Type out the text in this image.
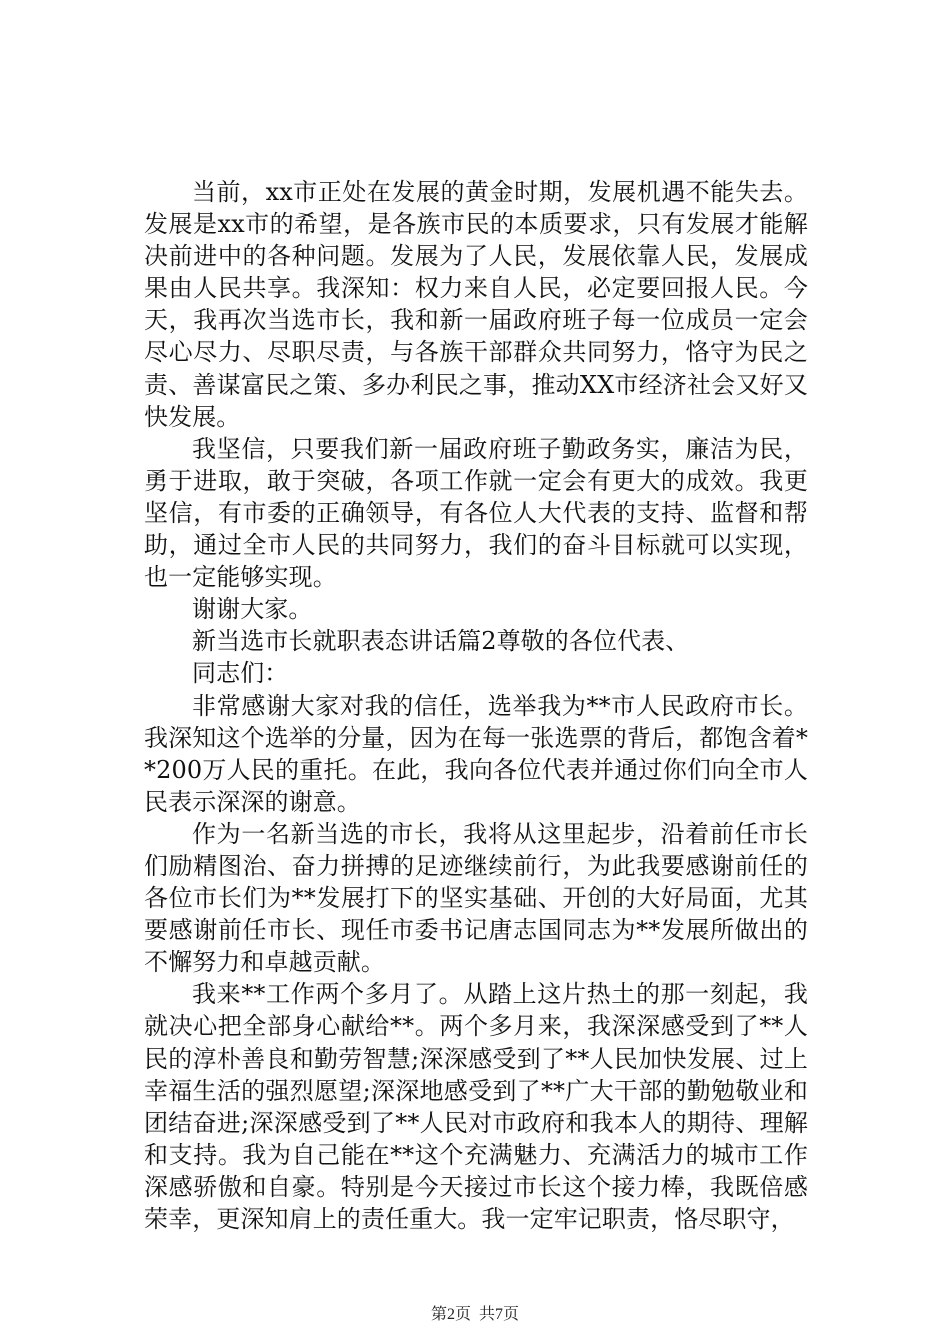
当前，xx市正处在发展的黄金时期，发展机遇不能失去。发展是xx市的希望，是各族市民的本质要求，只有发展才能解决前进中的各种问题。发展为了人民，发展依靠人民，发展成果由人民共享。我深知：权力来自人民，必定要回报人民。今天，我再次当选市长，我和新一届政府班子每一位成员一定会尽心尽力、尽职尽责，与各族干部群众共同努力，恪守为民之责、善谋富民之策、多办利民之事，推动XX市经济社会又好又快发展。

我坚信，只要我们新一届政府班子勤政务实，廉洁为民，勇于进取，敢于突破，各项工作就一定会有更大的成效。我更坚信，有市委的正确领导，有各位人大代表的支持、监督和帮助，通过全市人民的共同努力，我们的奋斗目标就可以实现，也一定能够实现。

谢谢大家。

新当选市长就职表态讲话篇2尊敬的各位代表、

同志们：

非常感谢大家对我的信任，选举我为**市人民政府市长。我深知这个选举的分量，因为在每一张选票的背后，都饱含着**200万人民的重托。在此，我向各位代表并通过你们向全市人民表示深深的谢意。

作为一名新当选的市长，我将从这里起步，沿着前任市长们励精图治、奋力拼搏的足迹继续前行，为此我要感谢前任的各位市长们为**发展打下的坚实基础、开创的大好局面，尤其要感谢前任市长、现任市委书记唐志国同志为**发展所做出的不懈努力和卓越贡献。

我来**工作两个多月了。从踏上这片热土的那一刻起，我就决心把全部身心献给**。两个多月来，我深深感受到了**人民的淳朴善良和勤劳智慧;深深感受到了**人民加快发展、过上幸福生活的强烈愿望;深深地感受到了**广大干部的勤勉敬业和团结奋进;深深感受到了**人民对市政府和我本人的期待、理解和支持。我为自己能在**这个充满魅力、充满活力的城市工作深感骄傲和自豪。特别是今天接过市长这个接力棒，我既倍感荣幸，更深知肩上的责任重大。我一定牢记职责，恪尽职守，

第2页  共7页
